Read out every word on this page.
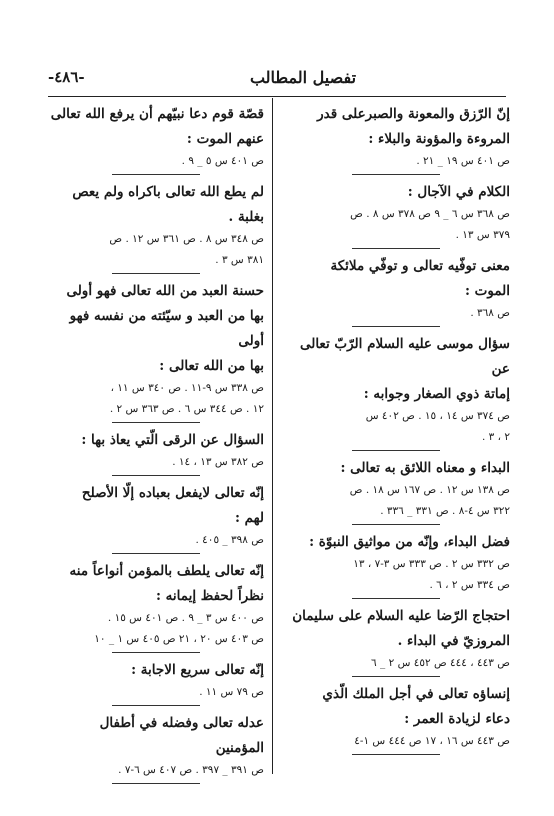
-٤٨٦-	تفصيل المطالب
إنّ الرّزق والمعونة والصبرعلى قدر
المروءة والمؤونة والبلاء :
ص ٤٠١ س ١٩ _ ٢١ .
الكلام في الآجال :
ص ٣٦٨ س ٦ _ ٩ ص ٣٧٨ س ٨ . ص
٣٧٩ س ١٣ .
معنى توفّيه تعالى و توفّي ملائكة
الموت :
ص ٣٦٨ .
سؤال موسى عليه السلام الرّبّ تعالى عن
إماتة ذوي الصغار وجوابه :
ص ٣٧٤ س ١٤ ، ١٥ . ص ٤٠٢ س
٢ ، ٣ .
البداء و معناه اللائق به تعالى :
ص ١٣٨ س ١٢ . ص ١٦٧ س ١٨ . ص
٣٢٢ س ٤-٨ . ص ٣٣١ _ ٣٣٦ .
فضل البداء، وإنّه من مواثيق النبوّة :
ص ٣٣٢ س ٢ . ص ٣٣٣ س ٣-٧ ، ١٣
ص ٣٣٤ س ٢ ، ٦ .
احتجاج الرّضا عليه السلام على سليمان
المروزيّ في البداء .
ص ٤٤٣ ، ٤٤٤ ص ٤٥٢ س ٢ _ ٦
إنساؤه تعالى في أجل الملك الّذي
دعاء لزيادة العمر :
ص ٤٤٣ س ١٦ ، ١٧ ص ٤٤٤ س ١-٤
قصّة قوم دعا نبيّهم أن يرفع الله تعالى
عنهم الموت :
ص ٤٠١ س ٥ _ ٩ .
لم يطع الله تعالى باكراه ولم يعص
بغلبة .
ص ٣٤٨ س ٨ . ص ٣٦١ س ١٢ . ص
٣٨١ س ٣ .
حسنة العبد من الله تعالى فهو أولى
بها من العبد و سيّئته من نفسه فهو أولى
بها من الله تعالى :
ص ٣٣٨ س ٩-١١ . ص ٣٤٠ س ١١ ،
١٢ . ص ٣٤٤ س ٦ . ص ٣٦٣ س ٢ .
السؤال عن الرقى الّتي يعاذ بها :
ص ٣٨٢ س ١٣ ، ١٤ .
إنّه تعالى لايفعل بعباده إلّا الأصلح
لهم :
ص ٣٩٨ _ ٤٠٥ .
إنّه تعالى يلطف بالمؤمن أنواعاً منه
نظراً لحفظ إيمانه :
ص ٤٠٠ س ٣ _ ٩ . ص ٤٠١ س ١٥ .
ص ٤٠٣ س ٢٠ ، ٢١ ص ٤٠٥ س ١ _ ١٠
إنّه تعالى سريع الاجابة :
ص ٧٩ س ١١ .
عدله تعالى وفضله في أطفال المؤمنين
ص ٣٩١ _ ٣٩٧ . ص ٤٠٧ س ٦-٧ .
